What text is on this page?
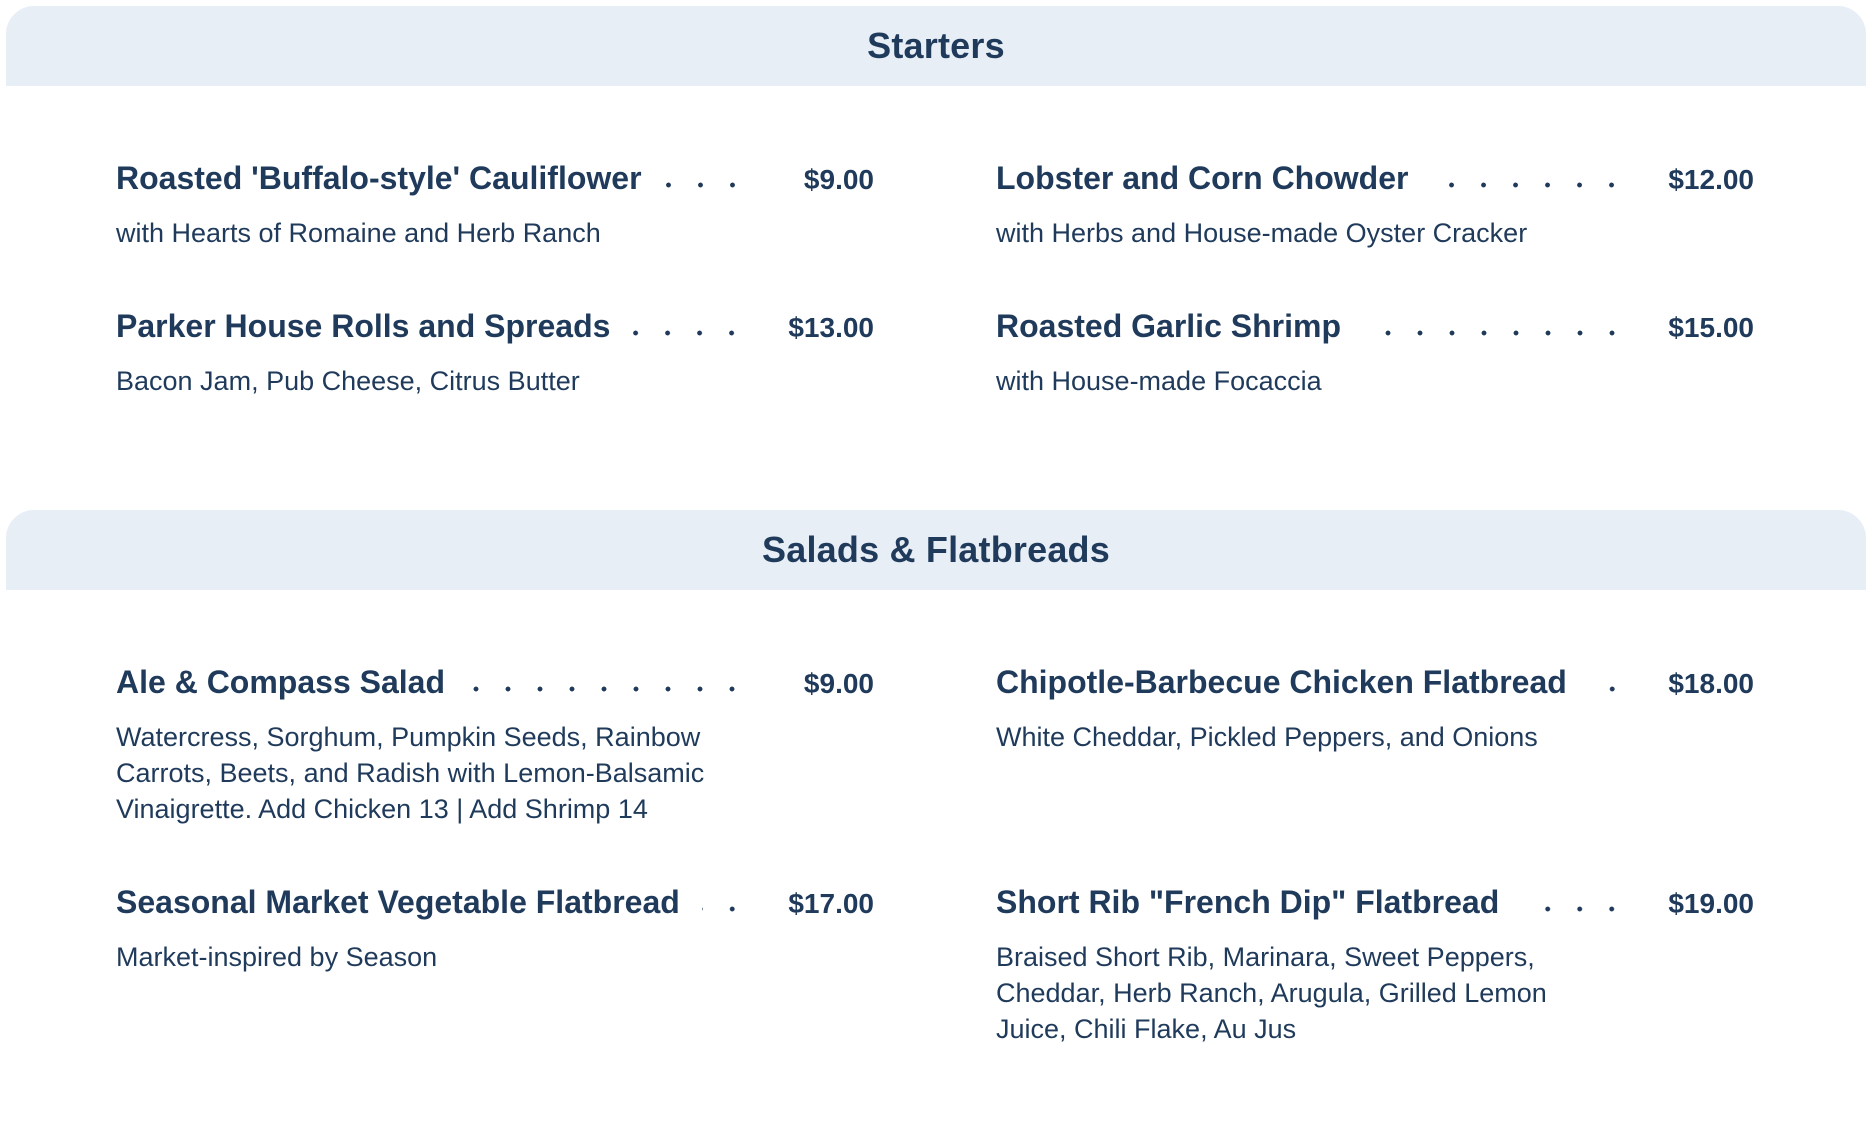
Starters
Roasted 'Buffalo-style' Cauliflower	$9.00
with Hearts of Romaine and Herb Ranch
Lobster and Corn Chowder	$12.00
with Herbs and House-made Oyster Cracker
Parker House Rolls and Spreads	$13.00
Bacon Jam, Pub Cheese, Citrus Butter
Roasted Garlic Shrimp	$15.00
with House-made Focaccia
Salads & Flatbreads
Ale & Compass Salad	$9.00
Watercress, Sorghum, Pumpkin Seeds, Rainbow Carrots, Beets, and Radish with Lemon-Balsamic Vinaigrette. Add Chicken 13 | Add Shrimp 14
Chipotle-Barbecue Chicken Flatbread	$18.00
White Cheddar, Pickled Peppers, and Onions
Seasonal Market Vegetable Flatbread	$17.00
Market-inspired by Season
Short Rib "French Dip" Flatbread	$19.00
Braised Short Rib, Marinara, Sweet Peppers, Cheddar, Herb Ranch, Arugula, Grilled Lemon Juice, Chili Flake, Au Jus
